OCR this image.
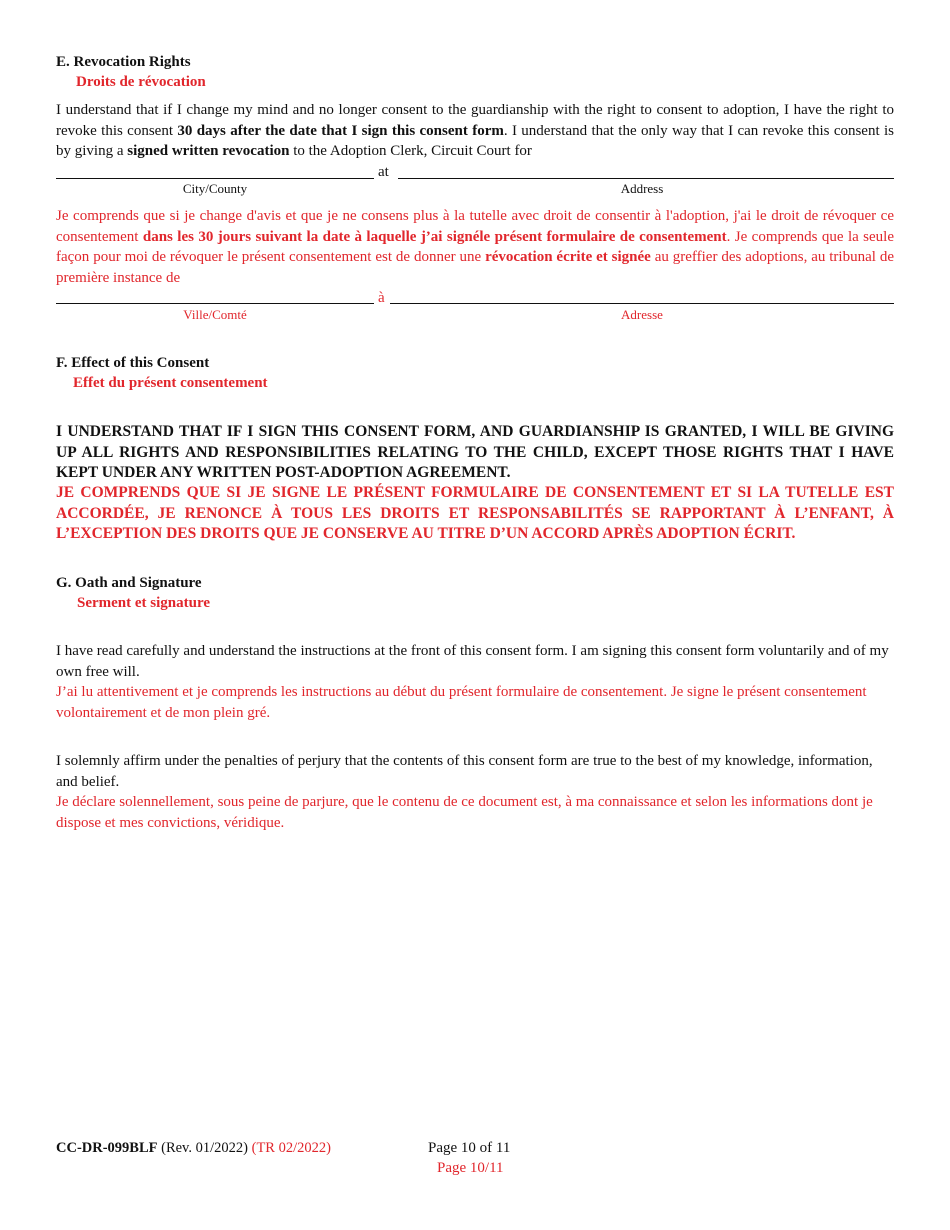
E. Revocation Rights
Droits de révocation
I understand that if I change my mind and no longer consent to the guardianship with the right to consent to adoption, I have the right to revoke this consent 30 days after the date that I sign this consent form. I understand that the only way that I can revoke this consent is by giving a signed written revocation to the Adoption Clerk, Circuit Court for
at
City/County	Address
Je comprends que si je change d'avis et que je ne consens plus à la tutelle avec droit de consentir à l'adoption, j'ai le droit de révoquer ce consentement dans les 30 jours suivant la date à laquelle j’ai signéle présent formulaire de consentement. Je comprends que la seule façon pour moi de révoquer le présent consentement est de donner une révocation écrite et signée au greffier des adoptions, au tribunal de première instance de
à
Ville/Comté	Adresse
F. Effect of this Consent
Effet du présent consentement
I UNDERSTAND THAT IF I SIGN THIS CONSENT FORM, AND GUARDIANSHIP IS GRANTED, I WILL BE GIVING UP ALL RIGHTS AND RESPONSIBILITIES RELATING TO THE CHILD, EXCEPT THOSE RIGHTS THAT I HAVE KEPT UNDER ANY WRITTEN POST-ADOPTION AGREEMENT.
JE COMPRENDS QUE SI JE SIGNE LE PRÉSENT FORMULAIRE DE CONSENTEMENT ET SI LA TUTELLE EST ACCORDÉE, JE RENONCE À TOUS LES DROITS ET RESPONSABILITÉS SE RAPPORTANT À L’ENFANT, À L’EXCEPTION DES DROITS QUE JE CONSERVE AU TITRE D’UN ACCORD APRÈS ADOPTION ÉCRIT.
G. Oath and Signature
Serment et signature
I have read carefully and understand the instructions at the front of this consent form. I am signing this consent form voluntarily and of my own free will.
J’ai lu attentivement et je comprends les instructions au début du présent formulaire de consentement. Je signe le présent consentement volontairement et de mon plein gré.
I solemnly affirm under the penalties of perjury that the contents of this consent form are true to the best of my knowledge, information, and belief.
Je déclare solennellement, sous peine de parjure, que le contenu de ce document est, à ma connaissance et selon les informations dont je dispose et mes convictions, véridique.
CC-DR-099BLF (Rev. 01/2022) (TR 02/2022)	Page 10 of 11
Page 10/11
